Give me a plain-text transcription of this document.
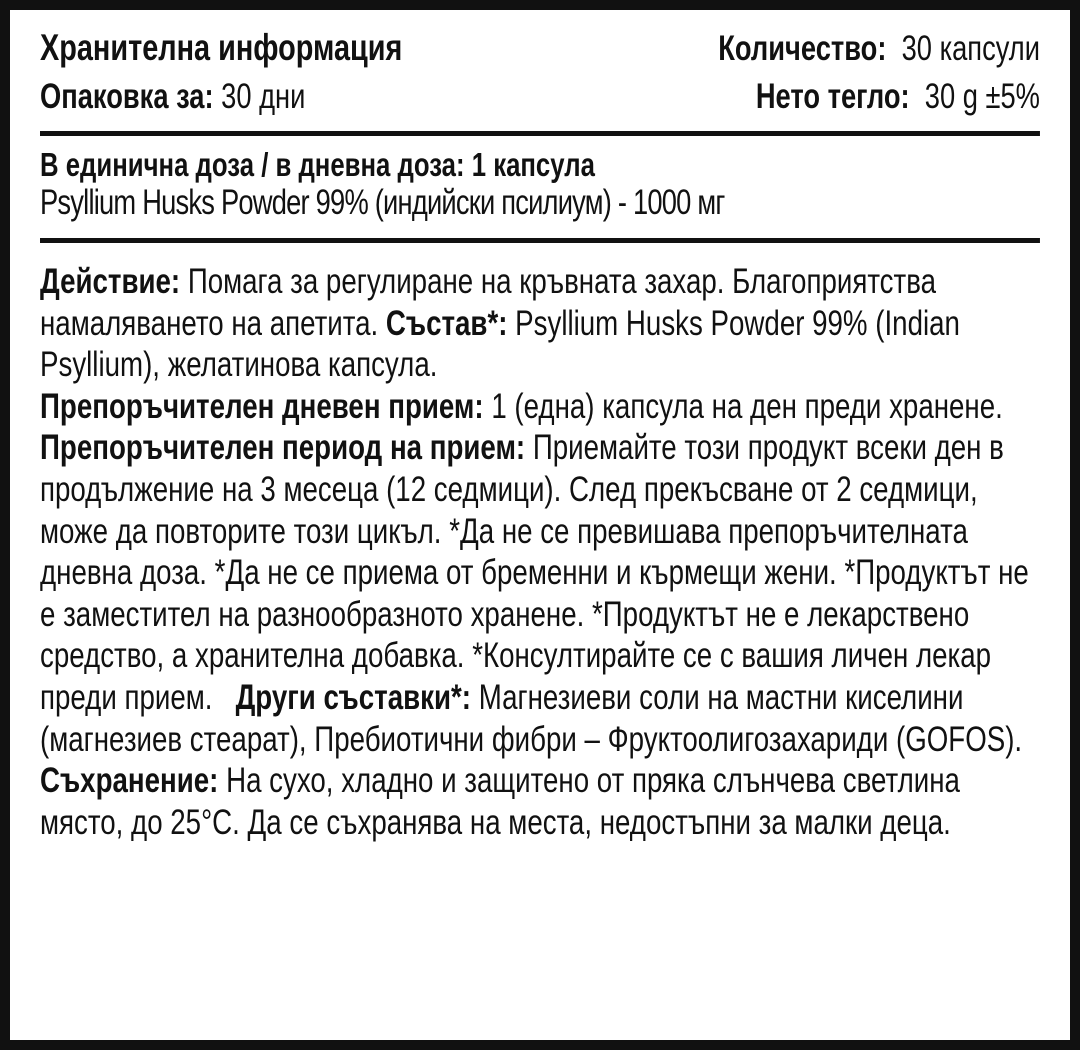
Хранителна информация	Количество: 30 капсули
Опаковка за: 30 дни	Нето тегло: 30 g ±5%
В единична доза / в дневна доза: 1 капсула
Psyllium Husks Powder 99% (индийски псилиум) - 1000 мг

Действие: Помага за регулиране на кръвната захар. Благоприятства намаляването на апетита. Състав*: Psyllium Husks Powder 99% (Indian Psyllium), желатинова капсула.
Препоръчителен дневен прием: 1 (една) капсула на ден преди хранене. Препоръчителен период на прием: Приемайте този продукт всеки ден в продължение на 3 месеца (12 седмици). След прекъсване от 2 седмици, може да повторите този цикъл. *Да не се превишава препоръчителната дневна доза. *Да не се приема от бременни и кърмещи жени. *Продуктът не е заместител на разнообразното хранене. *Продуктът не е лекарствено средство, а хранителна добавка. *Консултирайте се с вашия личен лекар преди прием.   Други съставки*: Магнезиеви соли на мастни киселини (магнезиев стеарат), Пребиотични фибри – Фруктоолигозахариди (GOFOS). Съхранение: На сухо, хладно и защитено от пряка слънчева светлина място, до 25°С. Да се съхранява на места, недостъпни за малки деца.
